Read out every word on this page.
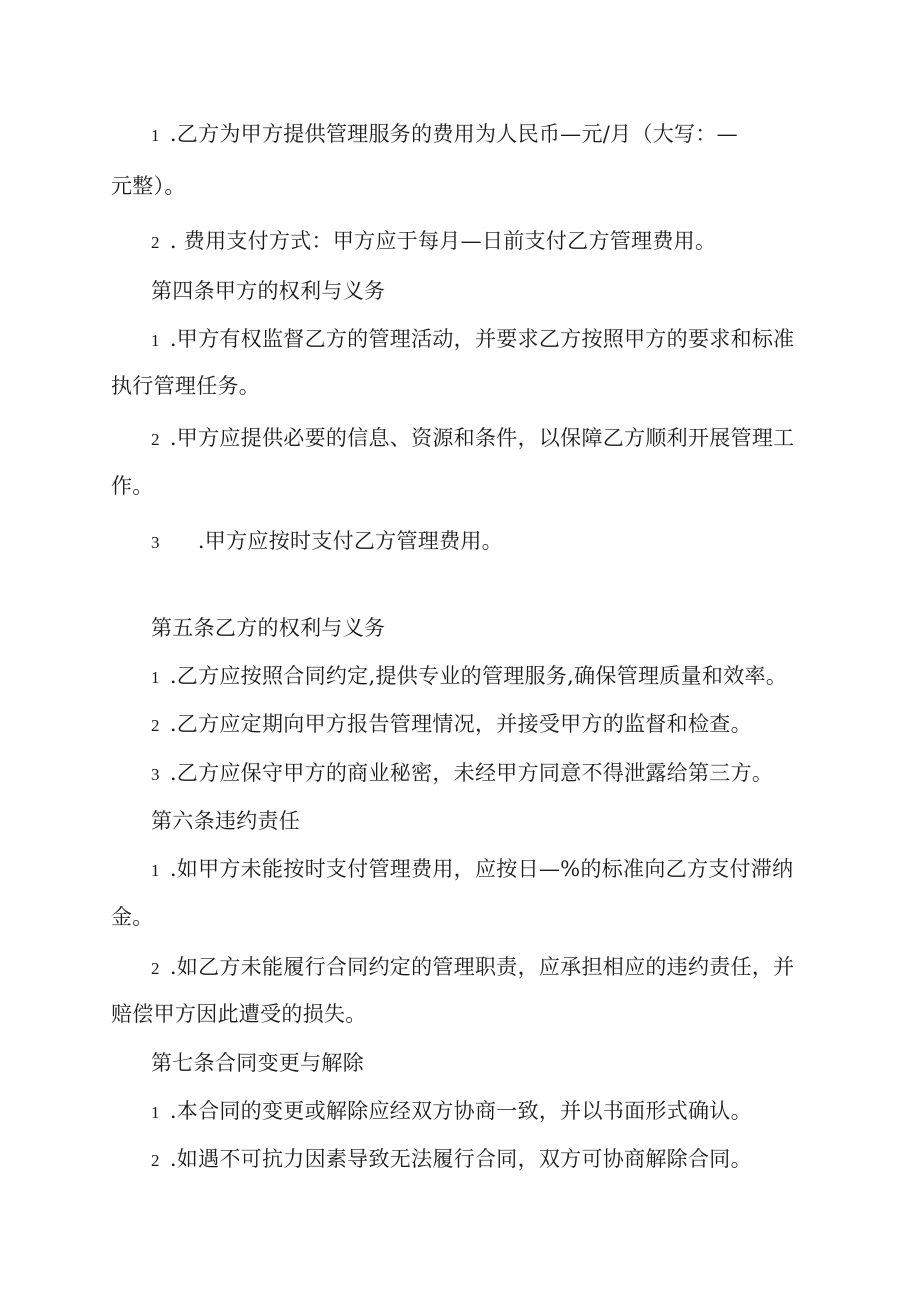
1 .乙方为甲方提供管理服务的费用为人民币—元/月（大写：—
元整）。
2 . 费用支付方式：甲方应于每月—日前支付乙方管理费用。
第四条甲方的权利与义务
1 .甲方有权监督乙方的管理活动，并要求乙方按照甲方的要求和标准
执行管理任务。
2 .甲方应提供必要的信息、资源和条件，以保障乙方顺利开展管理工
作。
3 .甲方应按时支付乙方管理费用。
第五条乙方的权利与义务
1 .乙方应按照合同约定,提供专业的管理服务,确保管理质量和效率。
2 .乙方应定期向甲方报告管理情况，并接受甲方的监督和检查。
3 .乙方应保守甲方的商业秘密，未经甲方同意不得泄露给第三方。
第六条违约责任
1 .如甲方未能按时支付管理费用，应按日—%的标准向乙方支付滞纳
金。
2 .如乙方未能履行合同约定的管理职责，应承担相应的违约责任，并
赔偿甲方因此遭受的损失。
第七条合同变更与解除
1 .本合同的变更或解除应经双方协商一致，并以书面形式确认。
2 .如遇不可抗力因素导致无法履行合同，双方可协商解除合同。
